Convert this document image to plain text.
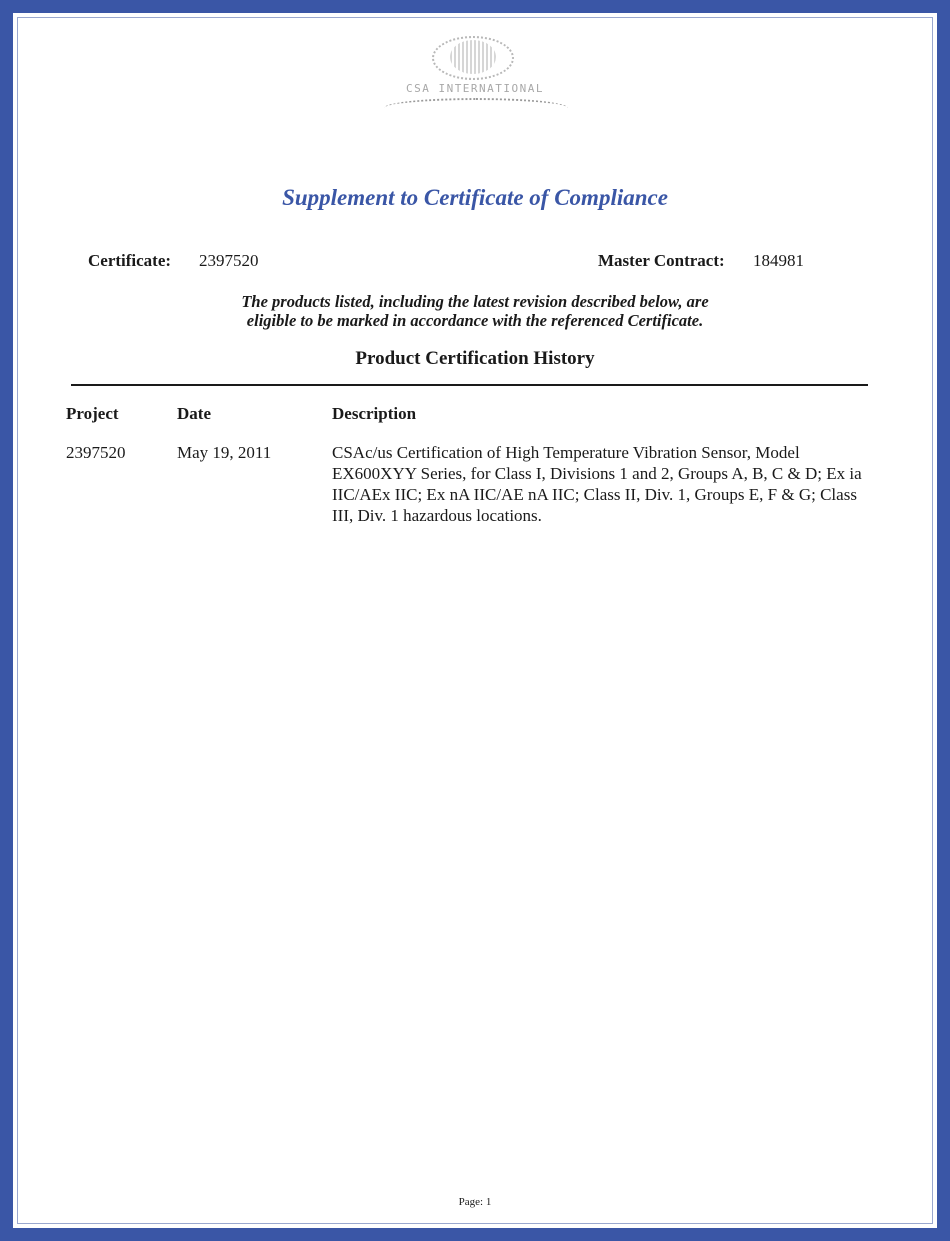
CSA INTERNATIONAL
Supplement to Certificate of Compliance
Certificate: 2397520	Master Contract: 184981
The products listed, including the latest revision described below, are
eligible to be marked in accordance with the referenced Certificate.
Product Certification History
Project	Date	Description
2397520	May 19, 2011	CSAc/us Certification of High Temperature Vibration Sensor, Model
EX600XYY Series, for Class I, Divisions 1 and 2, Groups A, B, C & D; Ex ia
IIC/AEx IIC; Ex nA IIC/AE nA IIC; Class II, Div. 1, Groups E, F & G; Class
III, Div. 1 hazardous locations.
Page: 1
